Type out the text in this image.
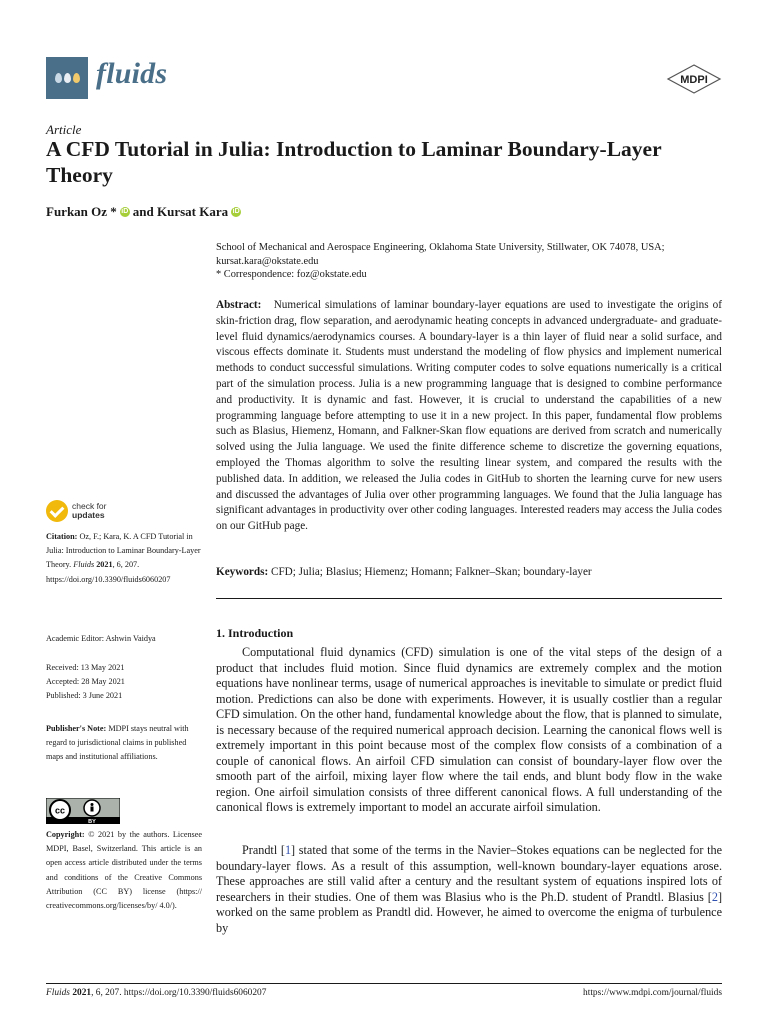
fluids	MDPI
Article
A CFD Tutorial in Julia: Introduction to Laminar Boundary-Layer Theory
Furkan Oz * iD and Kursat Kara iD
School of Mechanical and Aerospace Engineering, Oklahoma State University, Stillwater, OK 74078, USA;
kursat.kara@okstate.edu
* Correspondence: foz@okstate.edu
Abstract: Numerical simulations of laminar boundary-layer equations are used to investigate the origins of skin-friction drag, flow separation, and aerodynamic heating concepts in advanced undergraduate- and graduate-level fluid dynamics/aerodynamics courses. A boundary-layer is a thin layer of fluid near a solid surface, and viscous effects dominate it. Students must understand the modeling of flow physics and implement numerical methods to conduct successful simulations. Writing computer codes to solve equations numerically is a critical part of the simulation process. Julia is a new programming language that is designed to combine performance and productivity. It is dynamic and fast. However, it is crucial to understand the capabilities of a new programming language before attempting to use it in a new project. In this paper, fundamental flow problems such as Blasius, Hiemenz, Homann, and Falkner-Skan flow equations are derived from scratch and numerically solved using the Julia language. We used the finite difference scheme to discretize the governing equations, employed the Thomas algorithm to solve the resulting linear system, and compared the results with the published data. In addition, we released the Julia codes in GitHub to shorten the learning curve for new users and discussed the advantages of Julia over other programming languages. We found that the Julia language has significant advantages in productivity over other coding languages. Interested readers may access the Julia codes on our GitHub page.
Keywords: CFD; Julia; Blasius; Hiemenz; Homann; Falkner–Skan; boundary-layer
check for
updates
Citation: Oz, F.; Kara, K. A CFD Tutorial in Julia: Introduction to Laminar Boundary-Layer Theory. Fluids 2021, 6, 207. https://doi.org/10.3390/fluids6060207
Academic Editor: Ashwin Vaidya
Received: 13 May 2021
Accepted: 28 May 2021
Published: 3 June 2021
Publisher's Note: MDPI stays neutral with regard to jurisdictional claims in published maps and institutional affiliations.
cc
BY
Copyright: © 2021 by the authors. Licensee MDPI, Basel, Switzerland. This article is an open access article distributed under the terms and conditions of the Creative Commons Attribution (CC BY) license (https:// creativecommons.org/licenses/by/ 4.0/).
1. Introduction
Computational fluid dynamics (CFD) simulation is one of the vital steps of the design of a product that includes fluid motion. Since fluid dynamics are extremely complex and the motion equations have nonlinear terms, usage of numerical approaches is inevitable to simulate or predict fluid motion. Predictions can also be done with experiments. However, it is usually costlier than a regular CFD simulation. On the other hand, fundamental knowledge about the flow, that is planned to simulate, is necessary because of the required numerical approach decision. Learning the canonical flows well is extremely important in this point because most of the complex flow consists of a combination of a couple of canonical flows. An airfoil CFD simulation can consist of boundary-layer flow over the smooth part of the airfoil, mixing layer flow where the tail ends, and blunt body flow in the wake region. One airfoil simulation consists of three different canonical flows. A full understanding of the canonical flows is extremely important to model an accurate airfoil simulation.
Prandtl [1] stated that some of the terms in the Navier–Stokes equations can be neglected for the boundary-layer flows. As a result of this assumption, well-known boundary-layer equations arose. These approaches are still valid after a century and the resultant system of equations inspired lots of researchers in their studies. One of them was Blasius who is the Ph.D. student of Prandtl. Blasius [2] worked on the same problem as Prandtl did. However, he aimed to overcome the enigma of turbulence by
Fluids 2021, 6, 207. https://doi.org/10.3390/fluids6060207	https://www.mdpi.com/journal/fluids
